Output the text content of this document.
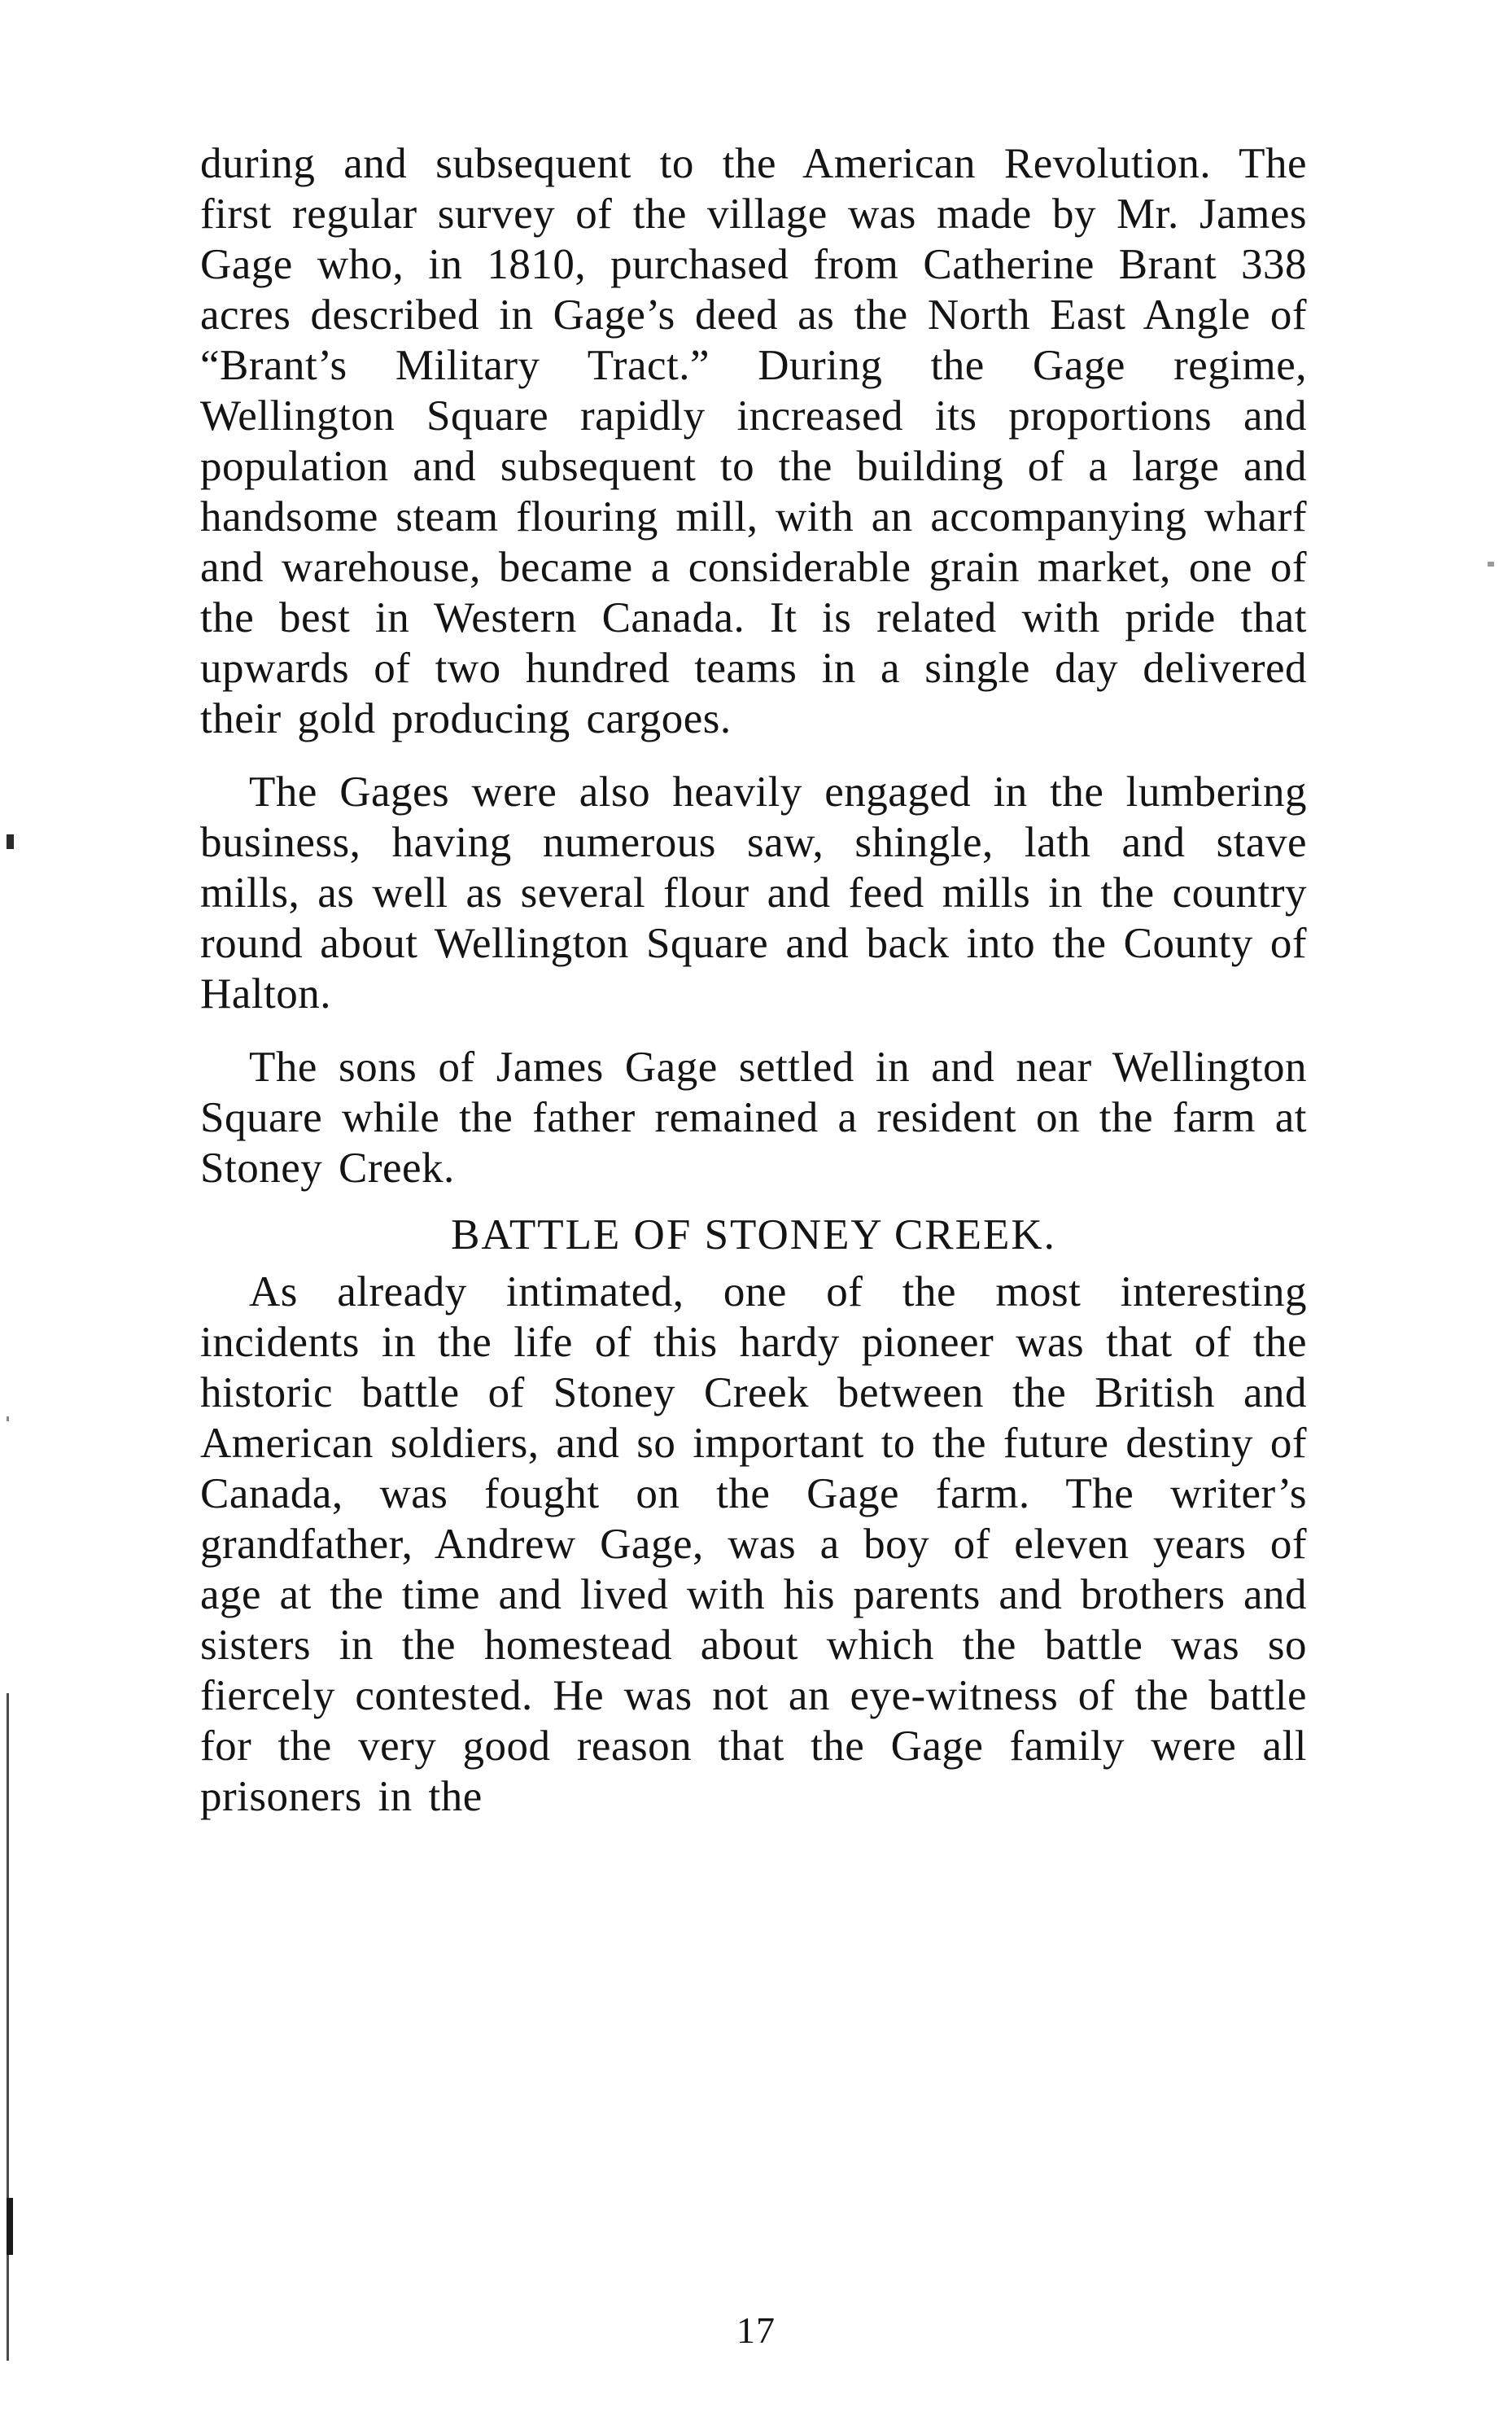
during and subsequent to the American Revolution. The first regular survey of the village was made by Mr. James Gage who, in 1810, purchased from Catherine Brant 338 acres described in Gage’s deed as the North East Angle of “Brant’s Military Tract.” During the Gage regime, Wellington Square rapidly increased its proportions and population and subsequent to the building of a large and handsome steam flouring mill, with an accompanying wharf and warehouse, became a considerable grain market, one of the best in Western Canada. It is related with pride that upwards of two hundred teams in a single day delivered their gold producing cargoes.

The Gages were also heavily engaged in the lumbering business, having numerous saw, shingle, lath and stave mills, as well as several flour and feed mills in the country round about Wellington Square and back into the County of Halton.

The sons of James Gage settled in and near Wellington Square while the father remained a resident on the farm at Stoney Creek.

BATTLE OF STONEY CREEK.

As already intimated, one of the most interesting incidents in the life of this hardy pioneer was that of the historic battle of Stoney Creek between the British and American soldiers, and so important to the future destiny of Canada, was fought on the Gage farm. The writer’s grandfather, Andrew Gage, was a boy of eleven years of age at the time and lived with his parents and brothers and sisters in the homestead about which the battle was so fiercely contested. He was not an eye-witness of the battle for the very good reason that the Gage family were all prisoners in the

17
